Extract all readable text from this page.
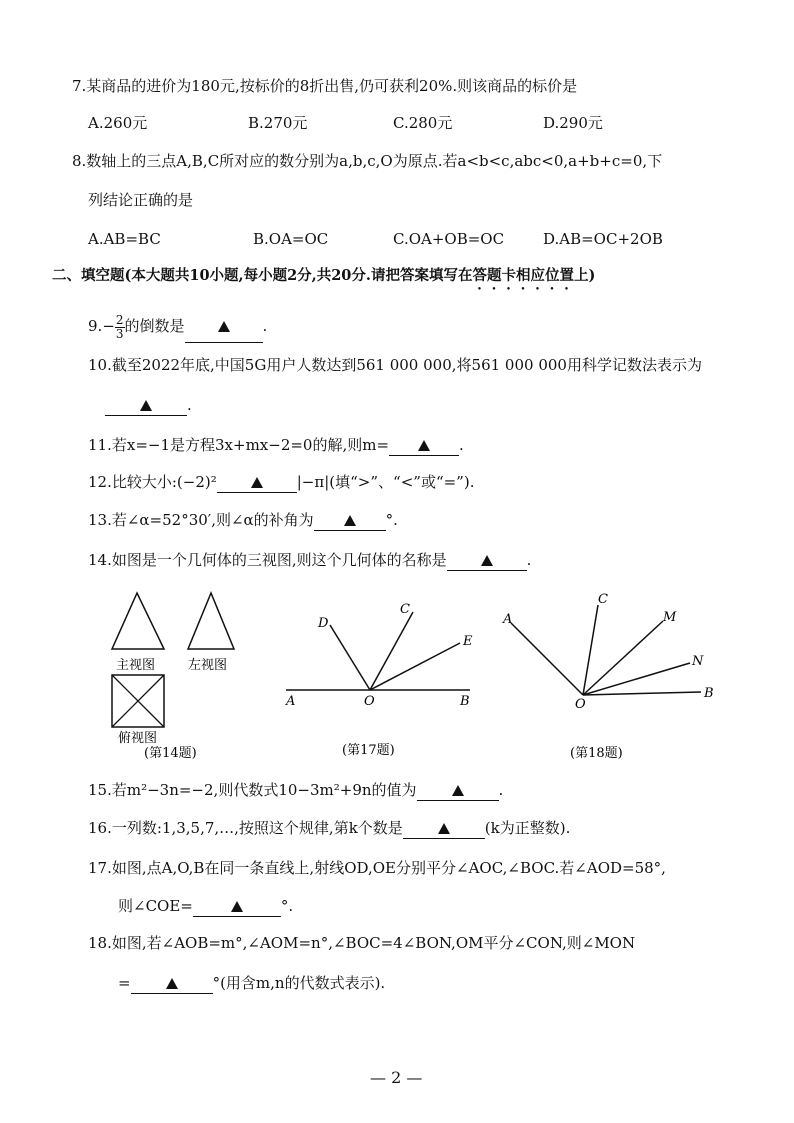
7.某商品的进价为180元,按标价的8折出售,仍可获利20%.则该商品的标价是
A.260元	B.270元	C.280元	D.290元
8.数轴上的三点A,B,C所对应的数分别为a,b,c,O为原点.若a<b<c,abc<0,a+b+c=0,下
列结论正确的是
A.AB=BC	B.OA=OC	C.OA+OB=OC	D.AB=OC+2OB
二、填空题(本大题共10小题,每小题2分,共20分.请把答案填写在答题卡相应位置上)
$9.- \frac{2}{3}$ 的倒数是	.
10.截至2022年底,中国5G用户人数达到561 000 000,将561 000 000用科学记数法表示为
.
11.若x=−1是方程3x+mx−2=0的解,则m=	.
12.比较大小:(−2)²	|−π|(填“>”、“<”或“=”).
13.若∠α=52°30′,则∠α的补角为	°.
14.如图是一个几何体的三视图,则这个几何体的名称是	.
主视图	左视图
俯视图
(第14题)
D
C
E
A	O	B
(第17题)
A
C
M
N
O
B
(第18题)
15.若m²−3n=−2,则代数式10−3m²+9n的值为	.
16.一列数:1,3,5,7,…,按照这个规律,第k个数是	(k为正整数).
17.如图,点A,O,B在同一条直线上,射线OD,OE分别平分∠AOC,∠BOC.若∠AOD=58°,
则∠COE=	°.
18.如图,若∠AOB=m°,∠AOM=n°,∠BOC=4∠BON,OM平分∠CON,则∠MON
=	°(用含m,n的代数式表示).
— 2 —
